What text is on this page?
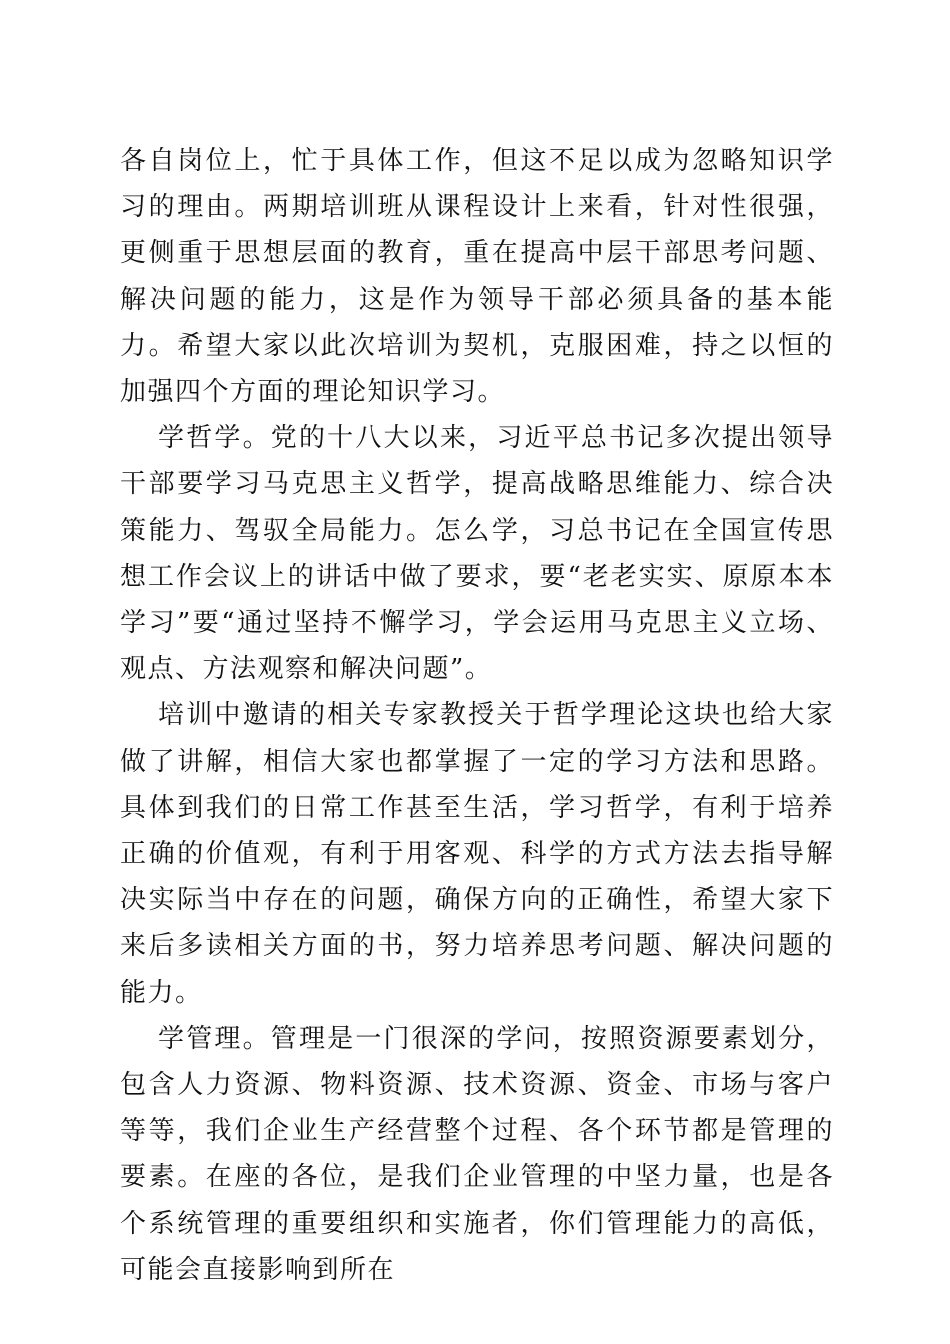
各自岗位上，忙于具体工作，但这不足以成为忽略知识学习的理由。两期培训班从课程设计上来看，针对性很强，更侧重于思想层面的教育，重在提高中层干部思考问题、解决问题的能力，这是作为领导干部必须具备的基本能力。希望大家以此次培训为契机，克服困难，持之以恒的加强四个方面的理论知识学习。

学哲学。党的十八大以来，习近平总书记多次提出领导干部要学习马克思主义哲学，提高战略思维能力、综合决策能力、驾驭全局能力。怎么学，习总书记在全国宣传思想工作会议上的讲话中做了要求，要“老老实实、原原本本学习”要“通过坚持不懈学习，学会运用马克思主义立场、观点、方法观察和解决问题”。

培训中邀请的相关专家教授关于哲学理论这块也给大家做了讲解，相信大家也都掌握了一定的学习方法和思路。具体到我们的日常工作甚至生活，学习哲学，有利于培养正确的价值观，有利于用客观、科学的方式方法去指导解决实际当中存在的问题，确保方向的正确性，希望大家下来后多读相关方面的书，努力培养思考问题、解决问题的能力。

学管理。管理是一门很深的学问，按照资源要素划分，包含人力资源、物料资源、技术资源、资金、市场与客户等等，我们企业生产经营整个过程、各个环节都是管理的要素。在座的各位，是我们企业管理的中坚力量，也是各个系统管理的重要组织和实施者，你们管理能力的高低，可能会直接影响到所在
